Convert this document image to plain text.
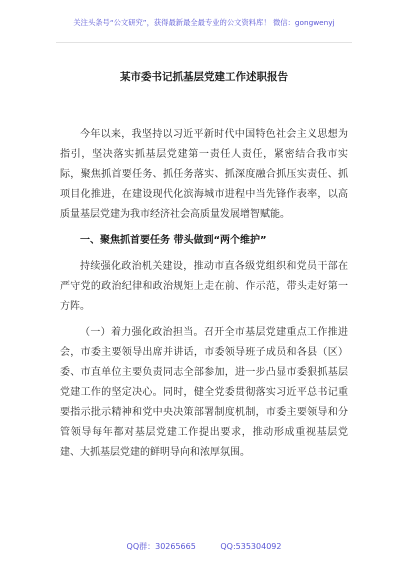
关注头条号“公文研究”，获得最新最全最专业的公文资料库！ 微信：gongwenyj
某市委书记抓基层党建工作述职报告

今年以来，我坚持以习近平新时代中国特色社会主义思想为指引，坚决落实抓基层党建第一责任人责任，紧密结合我市实际，聚焦抓首要任务、抓任务落实、抓深度融合抓压实责任、抓项目化推进，在建设现代化滨海城市进程中当先锋作表率，以高质量基层党建为我市经济社会高质量发展增智赋能。

一、聚焦抓首要任务 带头做到“两个维护”

持续强化政治机关建设，推动市直各级党组织和党员干部在严守党的政治纪律和政治规矩上走在前、作示范，带头走好第一方阵。

（一）着力强化政治担当。召开全市基层党建重点工作推进会，市委主要领导出席并讲话，市委领导班子成员和各县（区）委、市直单位主要负责同志全部参加，进一步凸显市委狠抓基层党建工作的坚定决心。同时，健全党委贯彻落实习近平总书记重要指示批示精神和党中央决策部署制度机制，市委主要领导和分管领导每年都对基层党建工作提出要求，推动形成重视基层党建、大抓基层党建的鲜明导向和浓厚氛围。

QQ群：30265665	QQ:535304092
